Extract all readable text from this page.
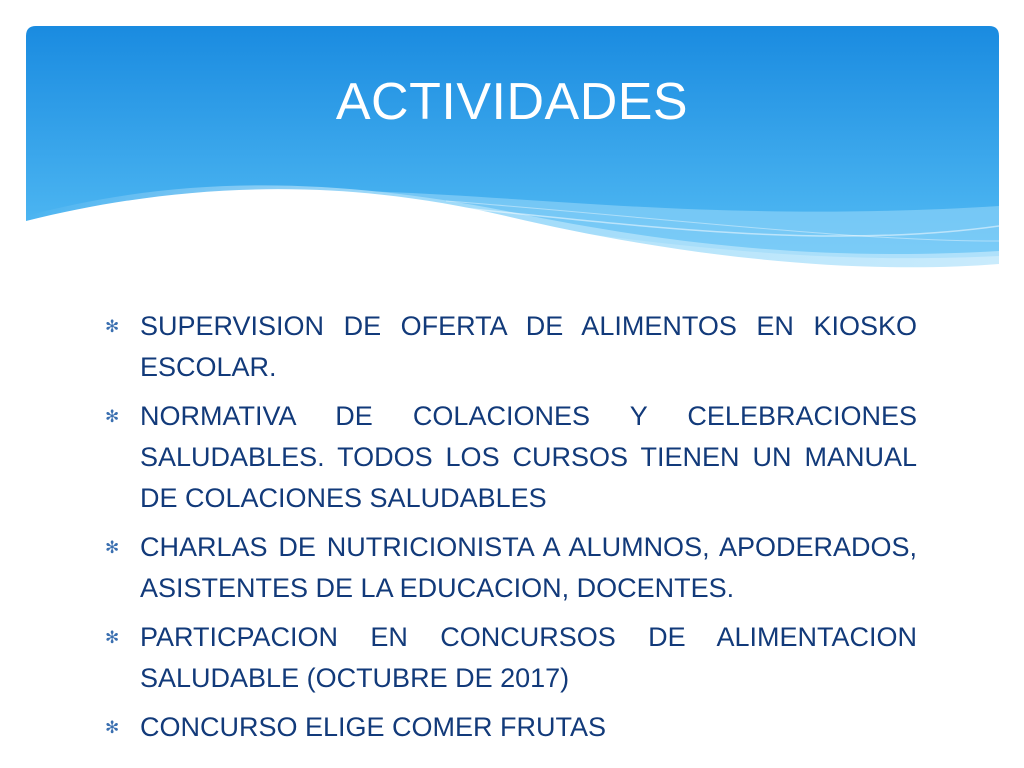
ACTIVIDADES
✻ SUPERVISION DE OFERTA DE ALIMENTOS EN KIOSKO ESCOLAR.
✻ NORMATIVA DE COLACIONES Y CELEBRACIONES SALUDABLES. TODOS LOS CURSOS TIENEN UN MANUAL DE COLACIONES SALUDABLES
✻ CHARLAS DE NUTRICIONISTA A ALUMNOS, APODERADOS, ASISTENTES DE LA EDUCACION, DOCENTES.
✻ PARTICPACION EN CONCURSOS DE ALIMENTACION SALUDABLE (OCTUBRE DE 2017)
✻ CONCURSO ELIGE COMER FRUTAS
